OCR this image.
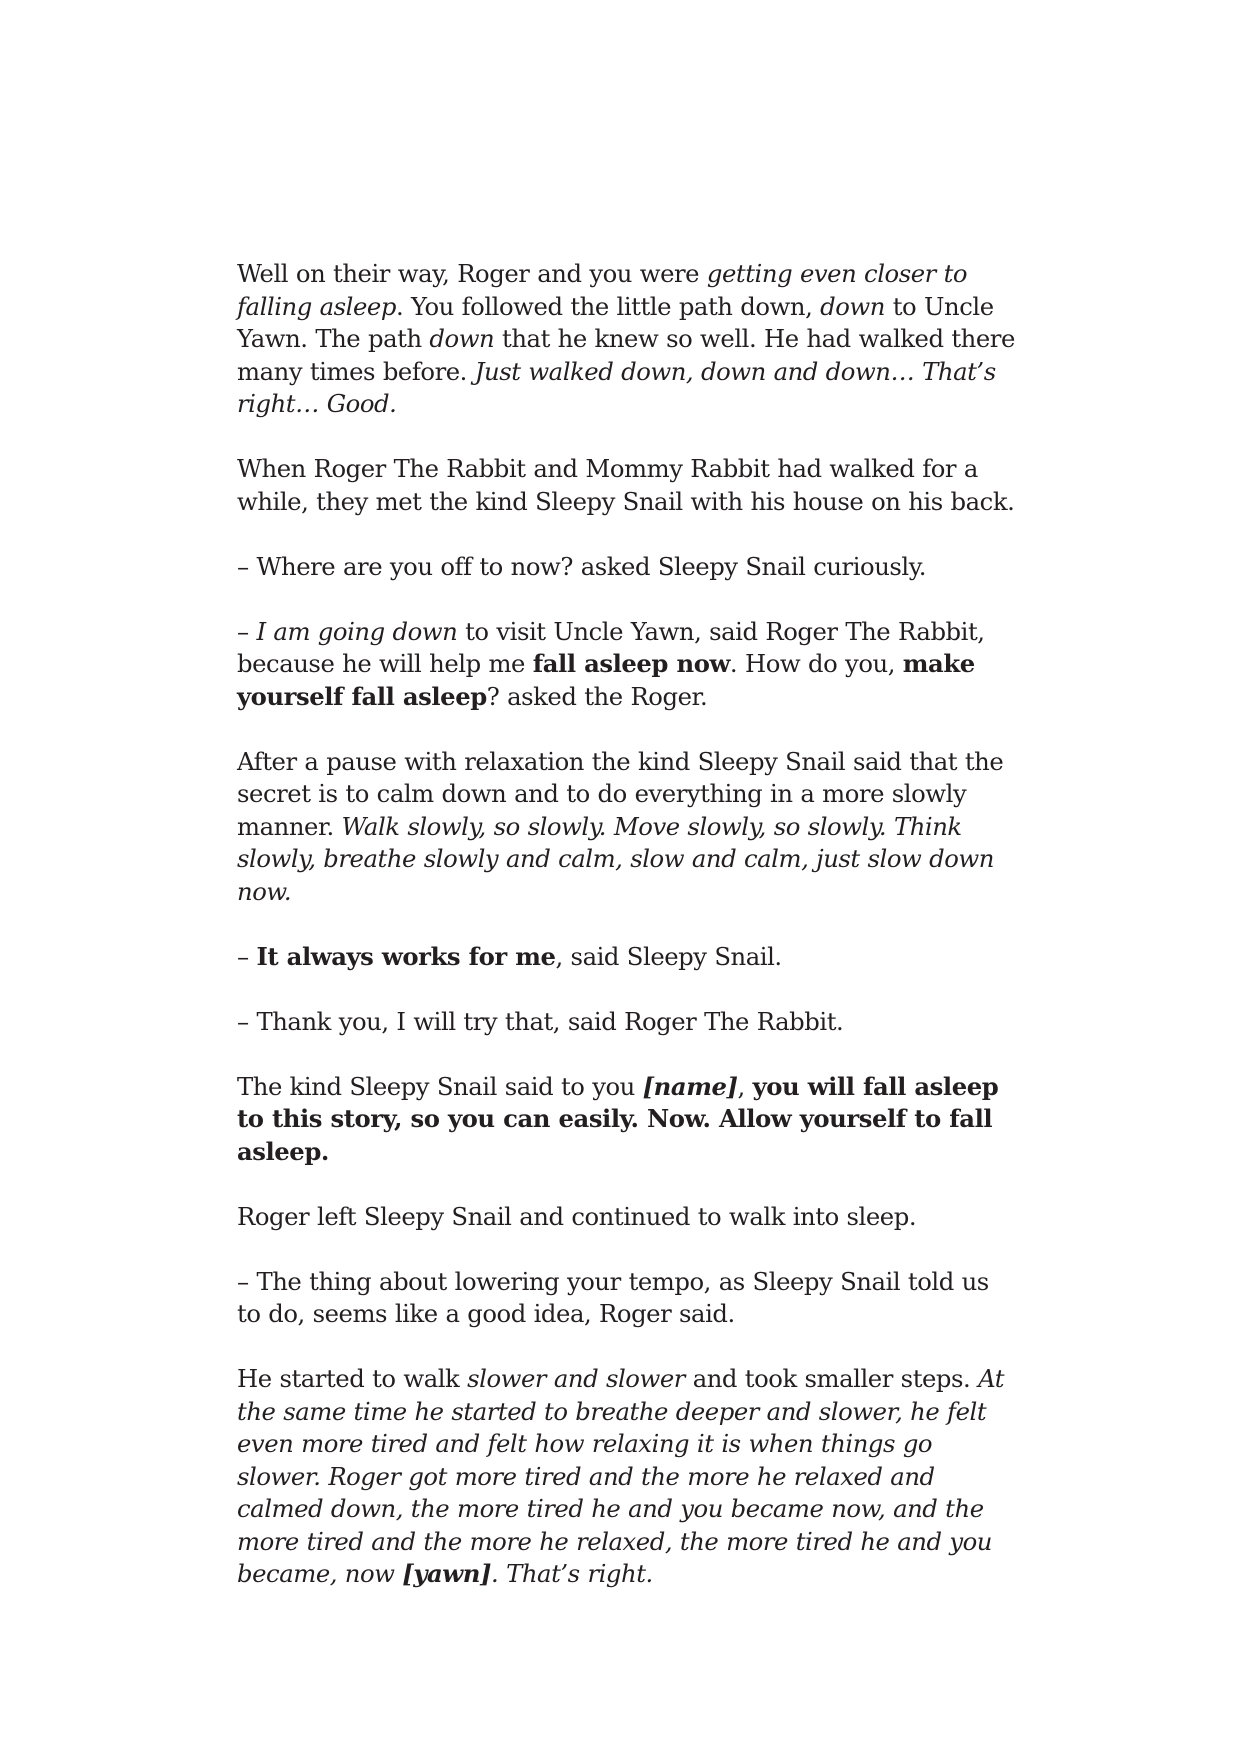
Well on their way, Roger and you were getting even closer to falling asleep. You followed the little path down, down to Uncle Yawn. The path down that he knew so well. He had walked there many times before. Just walked down, down and down… That’s right… Good.

When Roger The Rabbit and Mommy Rabbit had walked for a while, they met the kind Sleepy Snail with his house on his back.

– Where are you off to now? asked Sleepy Snail curiously.

– I am going down to visit Uncle Yawn, said Roger The Rabbit, because he will help me fall asleep now. How do you, make yourself fall asleep? asked the Roger.

After a pause with relaxation the kind Sleepy Snail said that the secret is to calm down and to do everything in a more slowly manner. Walk slowly, so slowly. Move slowly, so slowly. Think slowly, breathe slowly and calm, slow and calm, just slow down now.

– It always works for me, said Sleepy Snail.

– Thank you, I will try that, said Roger The Rabbit.

The kind Sleepy Snail said to you [name], you will fall asleep to this story, so you can easily. Now. Allow yourself to fall asleep.

Roger left Sleepy Snail and continued to walk into sleep.

– The thing about lowering your tempo, as Sleepy Snail told us to do, seems like a good idea, Roger said.

He started to walk slower and slower and took smaller steps. At the same time he started to breathe deeper and slower, he felt even more tired and felt how relaxing it is when things go slower. Roger got more tired and the more he relaxed and calmed down, the more tired he and you became now, and the more tired and the more he relaxed, the more tired he and you became, now [yawn]. That’s right.
